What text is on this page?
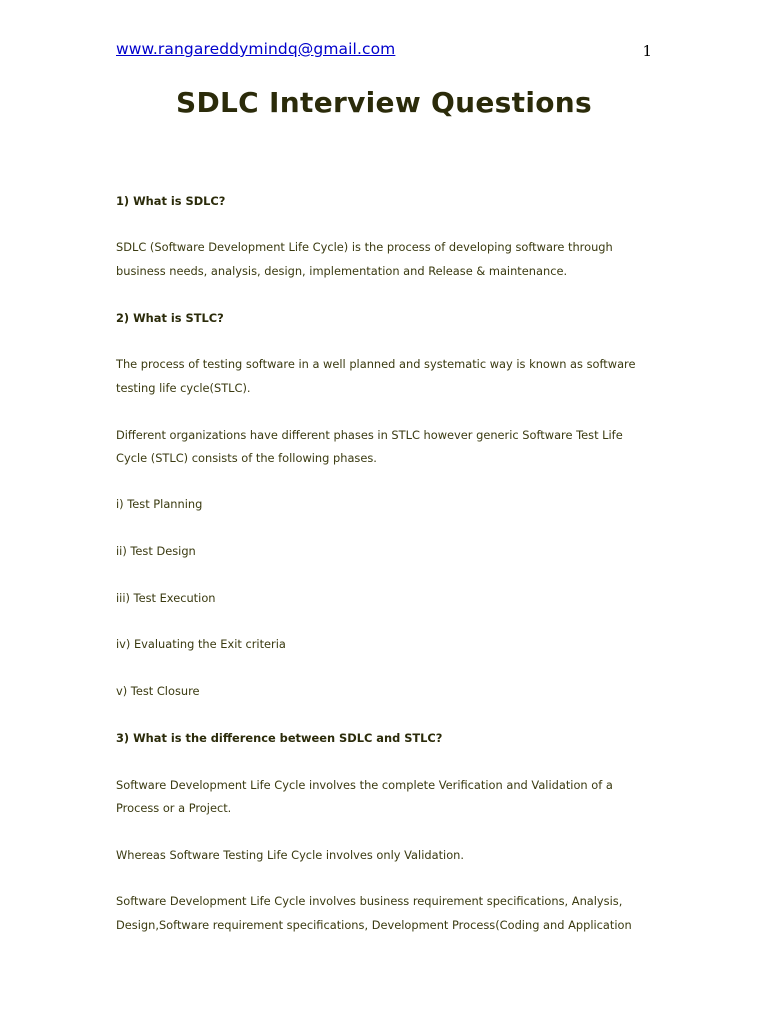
www.rangareddymindq@gmail.com	1
SDLC Interview Questions
1) What is SDLC?
SDLC (Software Development Life Cycle) is the process of developing software through
business needs, analysis, design, implementation and Release & maintenance.
2) What is STLC?
The process of testing software in a well planned and systematic way is known as software
testing life cycle(STLC).
Different organizations have different phases in STLC however generic Software Test Life
Cycle (STLC) consists of the following phases.
i) Test Planning
ii) Test Design
iii) Test Execution
iv) Evaluating the Exit criteria
v) Test Closure
3) What is the difference between SDLC and STLC?
Software Development Life Cycle involves the complete Verification and Validation of a
Process or a Project.
Whereas Software Testing Life Cycle involves only Validation.
Software Development Life Cycle involves business requirement specifications, Analysis,
Design,Software requirement specifications, Development Process(Coding and Application
